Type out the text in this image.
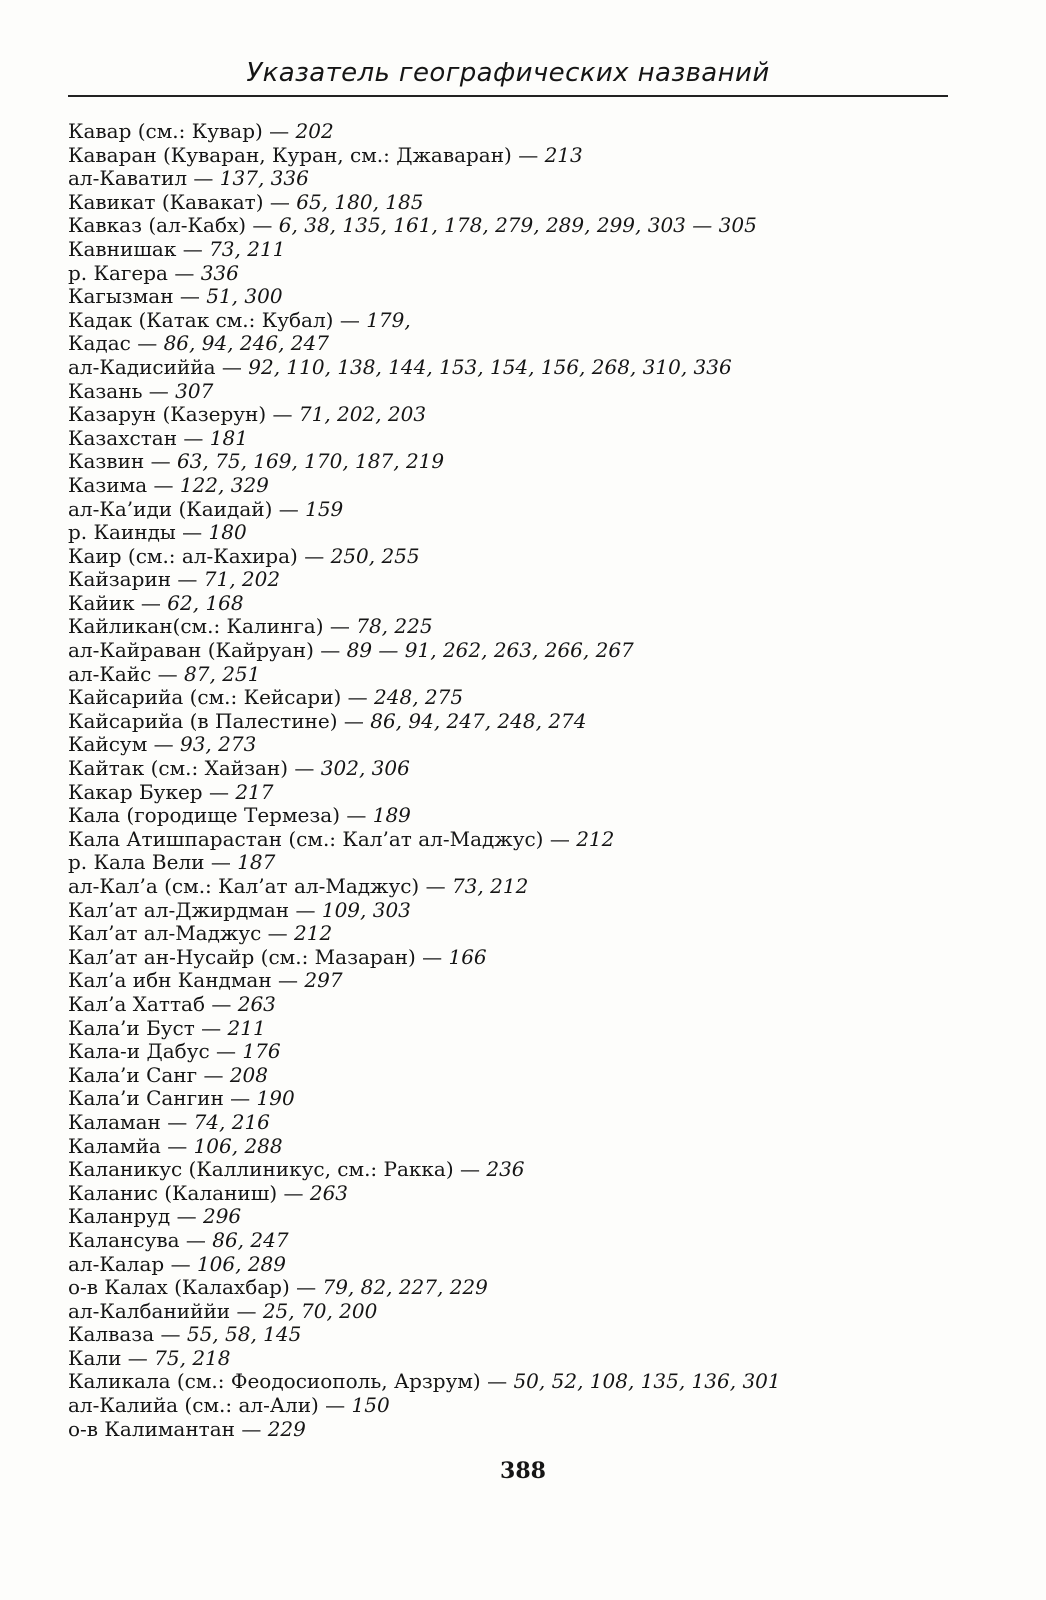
Указатель географических названий
Кавар (см.: Кувар) — 202
Каваран (Куваран, Куран, см.: Джаваран) — 213
ал-Каватил — 137, 336
Кавикат (Кавакат) — 65, 180, 185
Кавказ (ал-Кабх) — 6, 38, 135, 161, 178, 279, 289, 299, 303 — 305
Кавнишак — 73, 211
р. Кагера — 336
Кагызман — 51, 300
Кадак (Катак см.: Кубал) — 179,
Кадас — 86, 94, 246, 247
ал-Кадисиййа — 92, 110, 138, 144, 153, 154, 156, 268, 310, 336
Казань — 307
Казарун (Казерун) — 71, 202, 203
Казахстан — 181
Казвин — 63, 75, 169, 170, 187, 219
Казима — 122, 329
ал-Ка’иди (Каидай) — 159
р. Каинды — 180
Каир (см.: ал-Кахира) — 250, 255
Кайзарин — 71, 202
Кайик — 62, 168
Кайликан(см.: Калинга) — 78, 225
ал-Кайраван (Кайруан) — 89 — 91, 262, 263, 266, 267
ал-Кайс — 87, 251
Кайсарийа (см.: Кейсари) — 248, 275
Кайсарийа (в Палестине) — 86, 94, 247, 248, 274
Кайсум — 93, 273
Кайтак (см.: Хайзан) — 302, 306
Какар Букер — 217
Кала (городище Термеза) — 189
Кала Атишпарастан (см.: Кал’ат ал-Маджус) — 212
р. Кала Вели — 187
ал-Кал’а (см.: Кал’ат ал-Маджус) — 73, 212
Кал’ат ал-Джирдман — 109, 303
Кал’ат ал-Маджус — 212
Кал’ат ан-Нусайр (см.: Мазаран) — 166
Кал’а ибн Кандман — 297
Кал’а Хаттаб — 263
Кала’и Буст — 211
Кала-и Дабус — 176
Кала’и Санг — 208
Кала’и Сангин — 190
Каламан — 74, 216
Каламйа — 106, 288
Каланикус (Каллиникус, см.: Ракка) — 236
Каланис (Каланиш) — 263
Каланруд — 296
Калансува — 86, 247
ал-Калар — 106, 289
о-в Калах (Калахбар) — 79, 82, 227, 229
ал-Калбаниййи — 25, 70, 200
Калваза — 55, 58, 145
Кали — 75, 218
Каликала (см.: Феодосиополь, Арзрум) — 50, 52, 108, 135, 136, 301
ал-Калийа (см.: ал-Али) — 150
о-в Калимантан — 229
388
